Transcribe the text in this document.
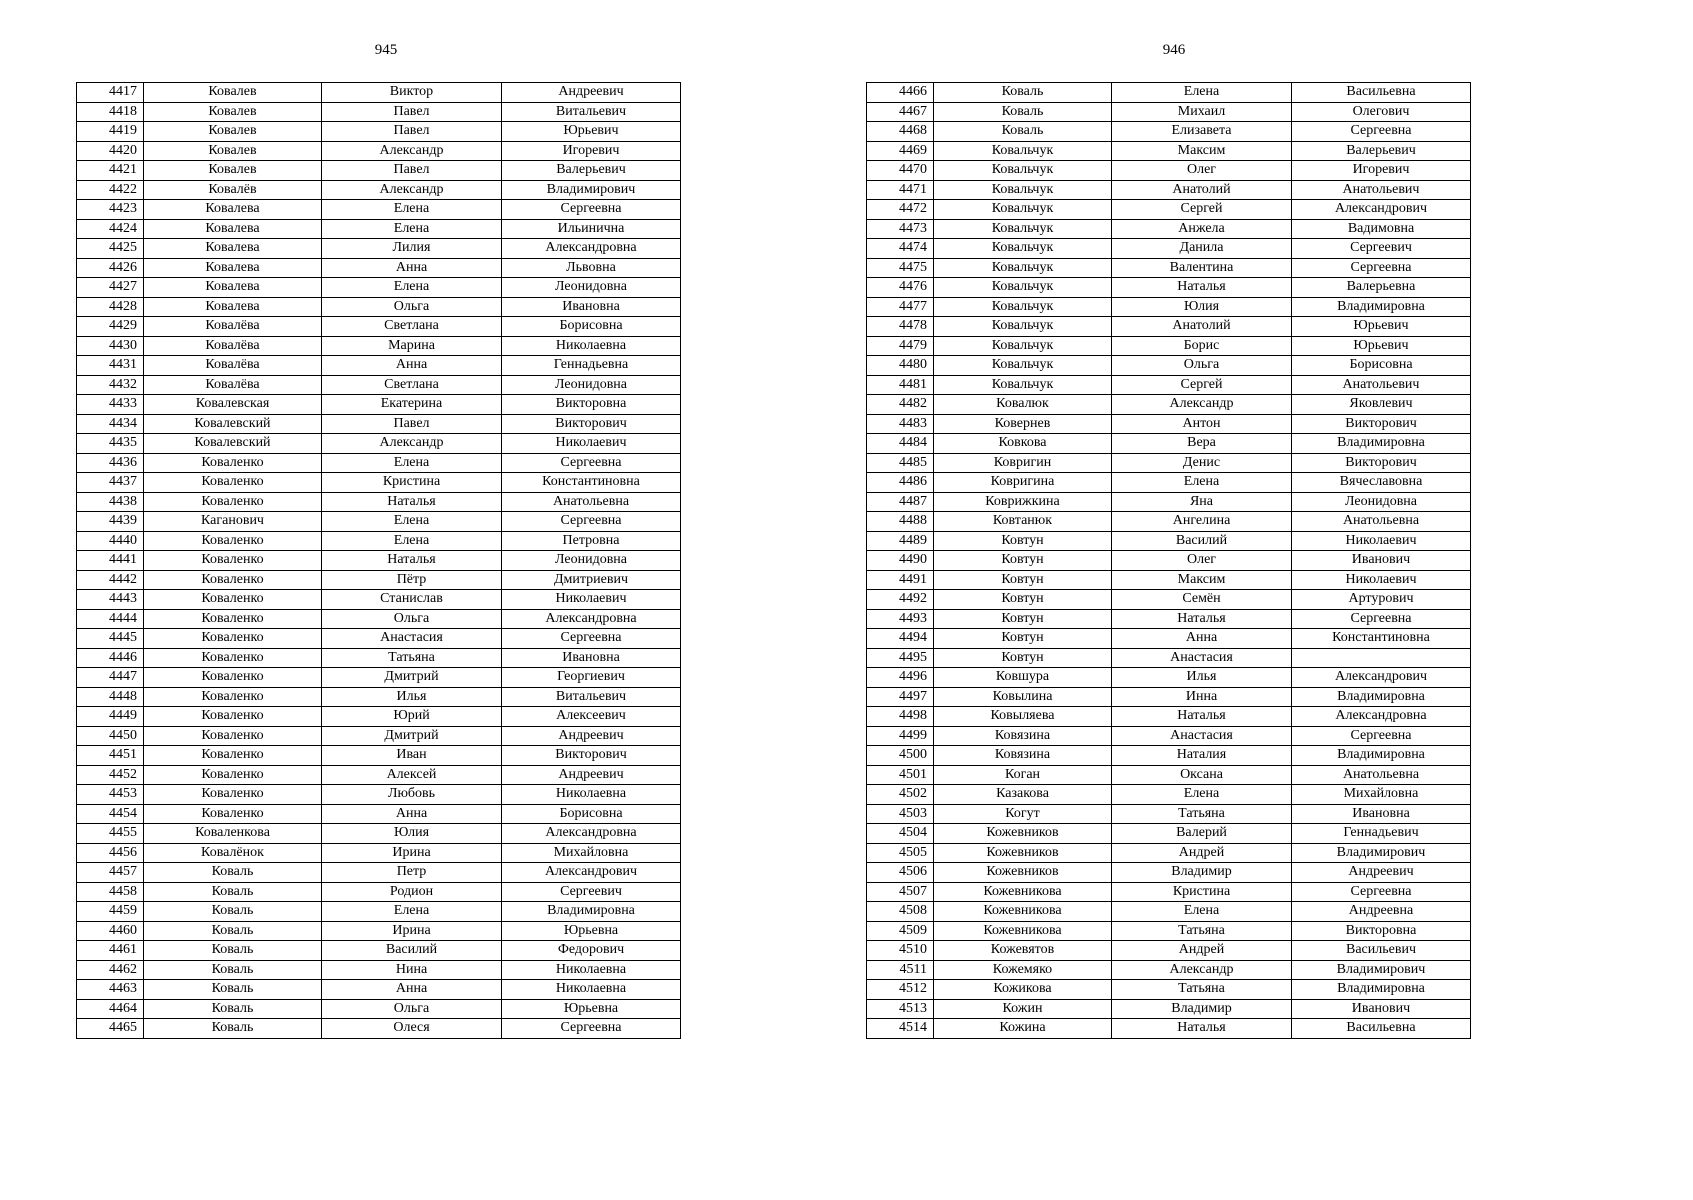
945	946
4417	Ковалев	Виктор	Андреевич
4418	Ковалев	Павел	Витальевич
4419	Ковалев	Павел	Юрьевич
4420	Ковалев	Александр	Игоревич
4421	Ковалев	Павел	Валерьевич
4422	Ковалёв	Александр	Владимирович
4423	Ковалева	Елена	Сергеевна
4424	Ковалева	Елена	Ильинична
4425	Ковалева	Лилия	Александровна
4426	Ковалева	Анна	Львовна
4427	Ковалева	Елена	Леонидовна
4428	Ковалева	Ольга	Ивановна
4429	Ковалёва	Светлана	Борисовна
4430	Ковалёва	Марина	Николаевна
4431	Ковалёва	Анна	Геннадьевна
4432	Ковалёва	Светлана	Леонидовна
4433	Ковалевская	Екатерина	Викторовна
4434	Ковалевский	Павел	Викторович
4435	Ковалевский	Александр	Николаевич
4436	Коваленко	Елена	Сергеевна
4437	Коваленко	Кристина	Константиновна
4438	Коваленко	Наталья	Анатольевна
4439	Каганович	Елена	Сергеевна
4440	Коваленко	Елена	Петровна
4441	Коваленко	Наталья	Леонидовна
4442	Коваленко	Пётр	Дмитриевич
4443	Коваленко	Станислав	Николаевич
4444	Коваленко	Ольга	Александровна
4445	Коваленко	Анастасия	Сергеевна
4446	Коваленко	Татьяна	Ивановна
4447	Коваленко	Дмитрий	Георгиевич
4448	Коваленко	Илья	Витальевич
4449	Коваленко	Юрий	Алексеевич
4450	Коваленко	Дмитрий	Андреевич
4451	Коваленко	Иван	Викторович
4452	Коваленко	Алексей	Андреевич
4453	Коваленко	Любовь	Николаевна
4454	Коваленко	Анна	Борисовна
4455	Коваленкова	Юлия	Александровна
4456	Ковалёнок	Ирина	Михайловна
4457	Коваль	Петр	Александрович
4458	Коваль	Родион	Сергеевич
4459	Коваль	Елена	Владимировна
4460	Коваль	Ирина	Юрьевна
4461	Коваль	Василий	Федорович
4462	Коваль	Нина	Николаевна
4463	Коваль	Анна	Николаевна
4464	Коваль	Ольга	Юрьевна
4465	Коваль	Олеся	Сергеевна
4466	Коваль	Елена	Васильевна
4467	Коваль	Михаил	Олегович
4468	Коваль	Елизавета	Сергеевна
4469	Ковальчук	Максим	Валерьевич
4470	Ковальчук	Олег	Игоревич
4471	Ковальчук	Анатолий	Анатольевич
4472	Ковальчук	Сергей	Александрович
4473	Ковальчук	Анжела	Вадимовна
4474	Ковальчук	Данила	Сергеевич
4475	Ковальчук	Валентина	Сергеевна
4476	Ковальчук	Наталья	Валерьевна
4477	Ковальчук	Юлия	Владимировна
4478	Ковальчук	Анатолий	Юрьевич
4479	Ковальчук	Борис	Юрьевич
4480	Ковальчук	Ольга	Борисовна
4481	Ковальчук	Сергей	Анатольевич
4482	Ковалюк	Александр	Яковлевич
4483	Ковернев	Антон	Викторович
4484	Ковкова	Вера	Владимировна
4485	Ковригин	Денис	Викторович
4486	Ковригина	Елена	Вячеславовна
4487	Коврижкина	Яна	Леонидовна
4488	Ковтанюк	Ангелина	Анатольевна
4489	Ковтун	Василий	Николаевич
4490	Ковтун	Олег	Иванович
4491	Ковтун	Максим	Николаевич
4492	Ковтун	Семён	Артурович
4493	Ковтун	Наталья	Сергеевна
4494	Ковтун	Анна	Константиновна
4495	Ковтун	Анастасия	
4496	Ковшура	Илья	Александрович
4497	Ковылина	Инна	Владимировна
4498	Ковыляева	Наталья	Александровна
4499	Ковязина	Анастасия	Сергеевна
4500	Ковязина	Наталия	Владимировна
4501	Коган	Оксана	Анатольевна
4502	Казакова	Елена	Михайловна
4503	Когут	Татьяна	Ивановна
4504	Кожевников	Валерий	Геннадьевич
4505	Кожевников	Андрей	Владимирович
4506	Кожевников	Владимир	Андреевич
4507	Кожевникова	Кристина	Сергеевна
4508	Кожевникова	Елена	Андреевна
4509	Кожевникова	Татьяна	Викторовна
4510	Кожевятов	Андрей	Васильевич
4511	Кожемяко	Александр	Владимирович
4512	Кожикова	Татьяна	Владимировна
4513	Кожин	Владимир	Иванович
4514	Кожина	Наталья	Васильевна
